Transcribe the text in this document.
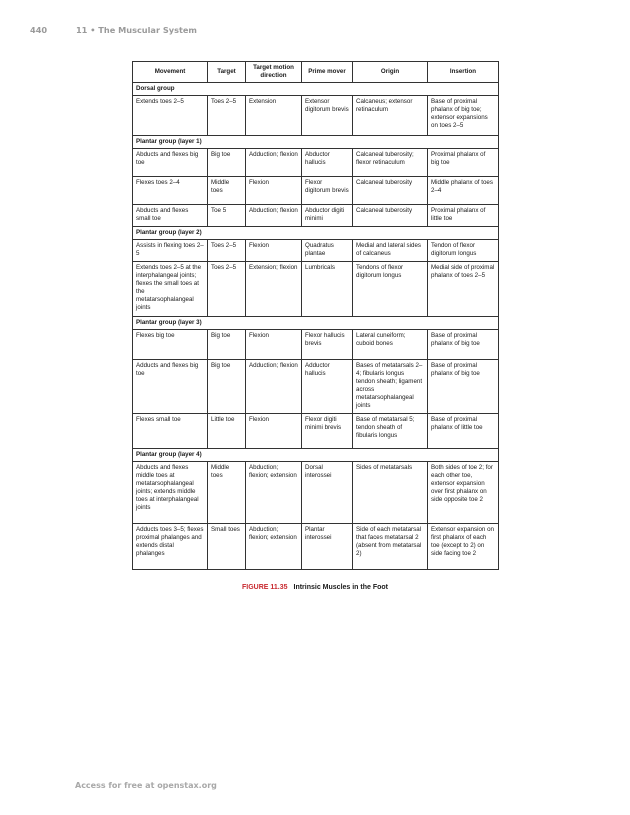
440	11 • The Muscular System
Movement	Target	Target motion direction	Prime mover	Origin	Insertion
Dorsal group					
Extends toes 2–5	Toes 2–5	Extension	Extensor digitorum brevis	Calcaneus; extensor retinaculum	Base of proximal phalanx of big toe; extensor expansions on toes 2–5
Plantar group (layer 1)					
Abducts and flexes big toe	Big toe	Adduction; flexion	Abductor hallucis	Calcaneal tuberosity; flexor retinaculum	Proximal phalanx of big toe
Flexes toes 2–4	Middle toes	Flexion	Flexor digitorum brevis	Calcaneal tuberosity	Middle phalanx of toes 2–4
Abducts and flexes small toe	Toe 5	Abduction; flexion	Abductor digiti minimi	Calcaneal tuberosity	Proximal phalanx of little toe
Plantar group (layer 2)					
Assists in flexing toes 2–5	Toes 2–5	Flexion	Quadratus plantae	Medial and lateral sides of calcaneus	Tendon of flexor digitorum longus
Extends toes 2–5 at the interphalangeal joints; flexes the small toes at the metatarsophalangeal joints	Toes 2–5	Extension; flexion	Lumbricals	Tendons of flexor digitorum longus	Medial side of proximal phalanx of toes 2–5
Plantar group (layer 3)					
Flexes big toe	Big toe	Flexion	Flexor hallucis brevis	Lateral cuneiform; cuboid bones	Base of proximal phalanx of big toe
Adducts and flexes big toe	Big toe	Adduction; flexion	Adductor hallucis	Bases of metatarsals 2–4; fibularis longus tendon sheath; ligament across metatarsophalangeal joints	Base of proximal phalanx of big toe
Flexes small toe	Little toe	Flexion	Flexor digiti minimi brevis	Base of metatarsal 5; tendon sheath of fibularis longus	Base of proximal phalanx of little toe
Plantar group (layer 4)					
Abducts and flexes middle toes at metatarsophalangeal joints; extends middle toes at interphalangeal joints	Middle toes	Abduction; flexion; extension	Dorsal interossei	Sides of metatarsals	Both sides of toe 2; for each other toe, extensor expansion over first phalanx on side opposite toe 2
Adducts toes 3–5; flexes proximal phalanges and extends distal phalanges	Small toes	Abduction; flexion; extension	Plantar interossei	Side of each metatarsal that faces metatarsal 2 (absent from metatarsal 2)	Extensor expansion on first phalanx of each toe (except to 2) on side facing toe 2
FIGURE 11.35 Intrinsic Muscles in the Foot
Access for free at openstax.org
